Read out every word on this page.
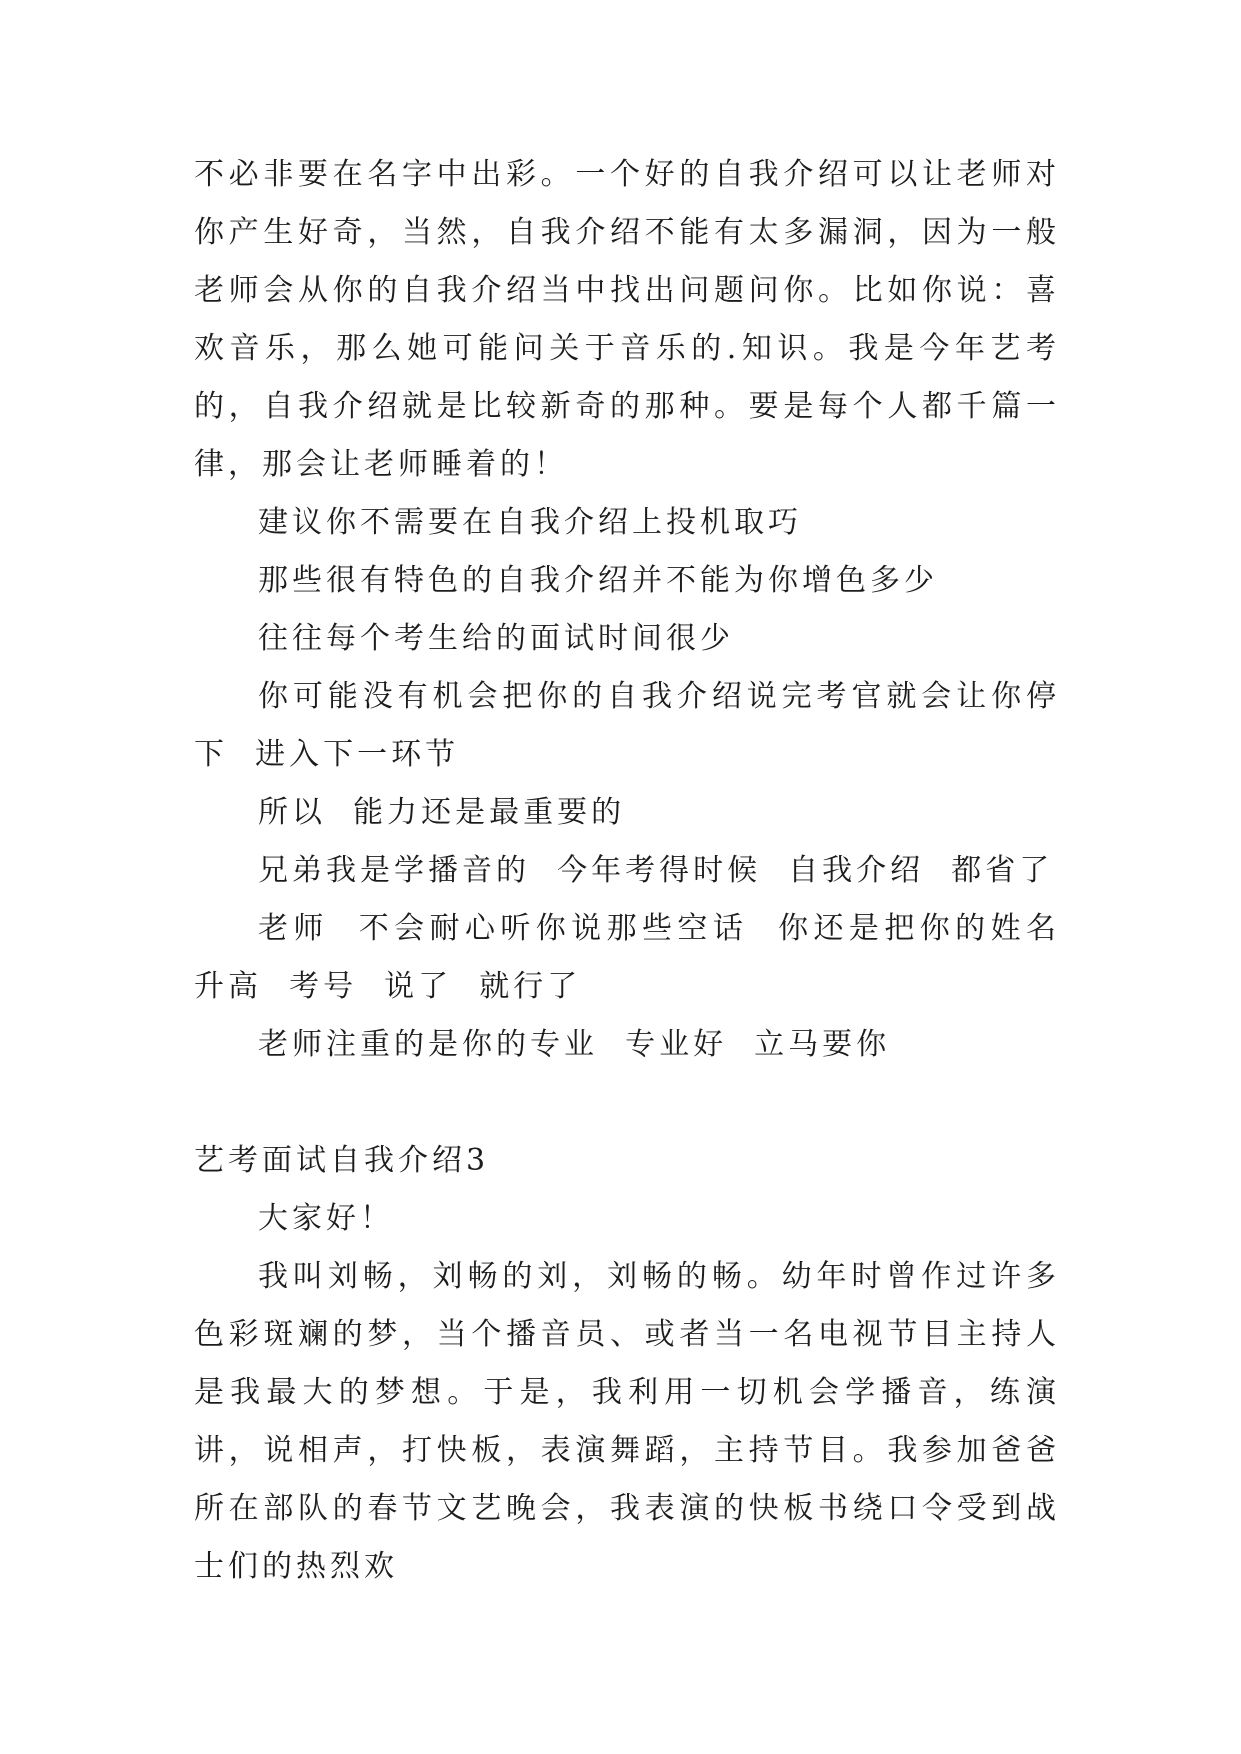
不必非要在名字中出彩。一个好的自我介绍可以让老师对你产生好奇，当然，自我介绍不能有太多漏洞，因为一般老师会从你的自我介绍当中找出问题问你。比如你说：喜欢音乐，那么她可能问关于音乐的.知识。我是今年艺考的，自我介绍就是比较新奇的那种。要是每个人都千篇一律，那会让老师睡着的！

建议你不需要在自我介绍上投机取巧

那些很有特色的自我介绍并不能为你增色多少

往往每个考生给的面试时间很少

你可能没有机会把你的自我介绍说完考官就会让你停下  进入下一环节

所以  能力还是最重要的

兄弟我是学播音的  今年考得时候  自我介绍  都省了

老师  不会耐心听你说那些空话  你还是把你的姓名  升高  考号  说了  就行了

老师注重的是你的专业  专业好  立马要你

艺考面试自我介绍3

大家好！

我叫刘畅，刘畅的刘，刘畅的畅。幼年时曾作过许多色彩斑斓的梦，当个播音员、或者当一名电视节目主持人是我最大的梦想。于是，我利用一切机会学播音，练演讲，说相声，打快板，表演舞蹈，主持节目。我参加爸爸所在部队的春节文艺晚会，我表演的快板书绕口令受到战士们的热烈欢
